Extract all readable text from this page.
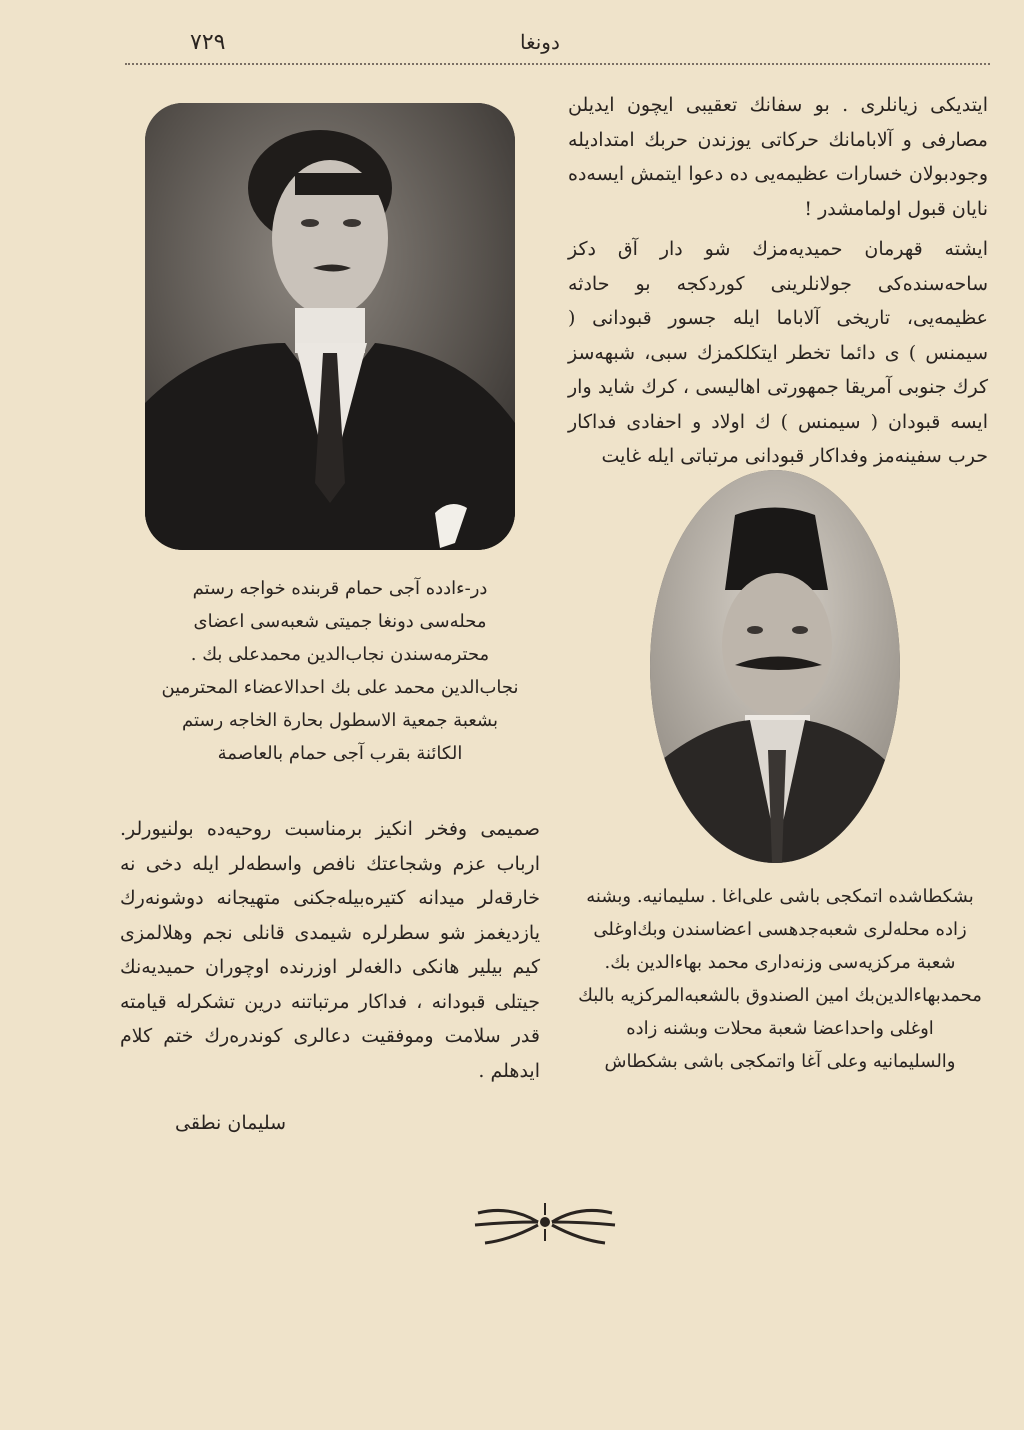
۷۲۹	دونغا

در-ءادده آجى حمام قربنده خواجه رستم

محله‌سى دونغا جميتى شعبه‌سى اعضاى

محترمه‌سندن نجاب‌الدين محمدعلى بك .

نجاب‌الدين محمد على بك احدالاعضاء المحترمين

بشعبة جمعية الاسطول بحارة الخاجه رستم

الكائنة بقرب آجى حمام بالعاصمة

ايتديكى زيانلرى . بو سفانك تعقيبى ايچون ايديلن مصارفى و آلابامانك حركاتى يوزندن حربك امتداديله وجودبولان خسارات عظيمه‌يى ده دعوا ايتمش ايسه‌ده نايان قبول اولمامشدر !

ايشته قهرمان حميديه‌مزك شو دار آق دكز ساحه‌سنده‌كى جولانلرينى كوردكجه بو حادثه عظيمه‌يى، تاريخى آلاباما ايله جسور قبودانى ( سيمنس ) ى دائما تخطر ايتكلكمزك سبى، شبهه‌سز كرك جنوبى آمريقا جمهورتى اهاليسى ، كرك شايد وار ايسه قبودان ( سيمنس ) ك اولاد و احفادى فداكار حرب سفينه‌مز وفداكار قبودانى مرتباتى ايله غايت

بشكطاشده اتمكجى باشى على‌اغا . سليمانيه. وبشنه

زاده محله‌لرى شعبه‌جدهسى اعضاسندن وبك‌اوغلى

شعبة مركزيه‌سى وزنه‌دارى محمد بهاءالدين بك.

محمدبهاءالدين‌بك امين الصندوق بالشعبه‌المركزيه بالبك

اوغلى واحداعضا شعبة محلات وبشنه زاده

والسليمانيه وعلى آغا واتمكجى باشى بشكطاش

صميمى وفخر انكيز برمناسبت روحيه‌ده بولنيورلر. ارباب عزم وشجاعتك نافص واسطه‌لر ايله دخى نه خارقه‌لر ميدانه كتيره‌بيله‌جكنى متهيجانه دوشونه‌رك يازديغمز شو سطرلره شيمدى قانلى نجم وهلالمزى كيم بيلير هانكى دالغه‌لر اوزرنده اوچوران حميديه‌نك جيتلى قبودانه ، فداكار مرتباتنه درين تشكرله قيامته قدر سلامت وموفقيت دعالرى كوندره‌رك ختم كلام ايدهلم .

سليمان نطقى
